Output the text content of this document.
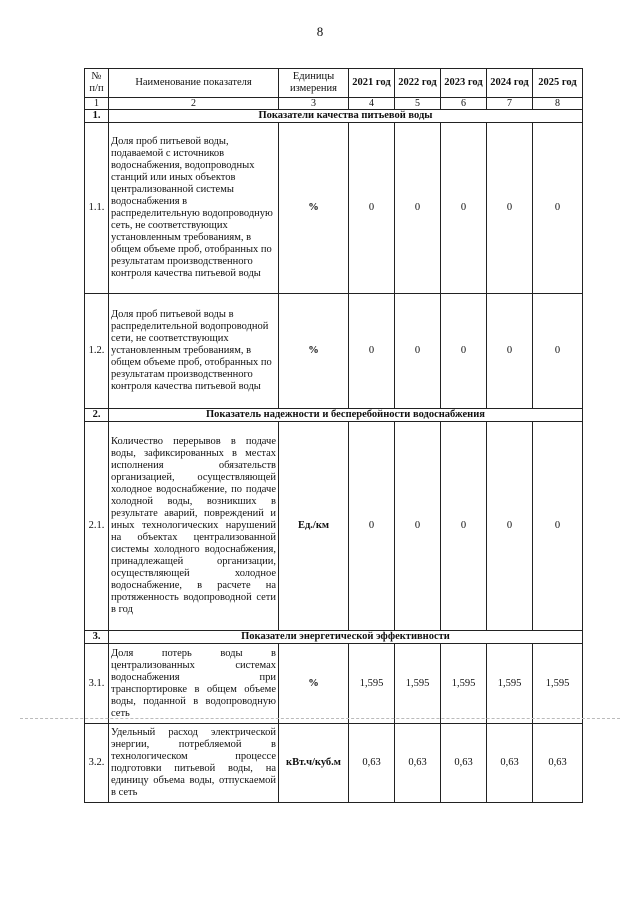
8
№ п/п	Наименование показателя	Единицы измерения	2021 год	2022 год	2023 год	2024 год	2025 год
1	2	3	4	5	6	7	8
1.	Показатели качества питьевой воды						
1.1.	Доля проб питьевой воды, подаваемой с источников водоснабжения, водопроводных станций или иных объектов централизованной системы водоснабжения в распределительную водопроводную сеть, не соответствующих установленным требованиям, в общем объеме проб, отобранных по результатам производственного контроля качества питьевой воды	%	0	0	0	0	0
1.2.	Доля проб питьевой воды в распределительной водопроводной сети, не соответствующих установленным требованиям, в общем объеме проб, отобранных по результатам производственного контроля качества питьевой воды	%	0	0	0	0	0
2.	Показатель надежности и бесперебойности водоснабжения						
2.1.	Количество перерывов в подаче воды, зафиксированных в местах исполнения обязательств организацией, осуществляющей холодное водоснабжение, по подаче холодной воды, возникших в результате аварий, повреждений и иных технологических нарушений на объектах централизованной системы холодного водоснабжения, принадлежащей организации, осуществляющей холодное водоснабжение, в расчете на протяженность водопроводной сети в год	Ед./км	0	0	0	0	0
3.	Показатели энергетической эффективности						
3.1.	Доля потерь воды в централизованных системах водоснабжения при транспортировке в общем объеме воды, поданной в водопроводную сеть	%	1,595	1,595	1,595	1,595	1,595
3.2.	Удельный расход электрической энергии, потребляемой в технологическом процессе подготовки питьевой воды, на единицу объема воды, отпускаемой в сеть	кВт.ч/куб.м	0,63	0,63	0,63	0,63	0,63
